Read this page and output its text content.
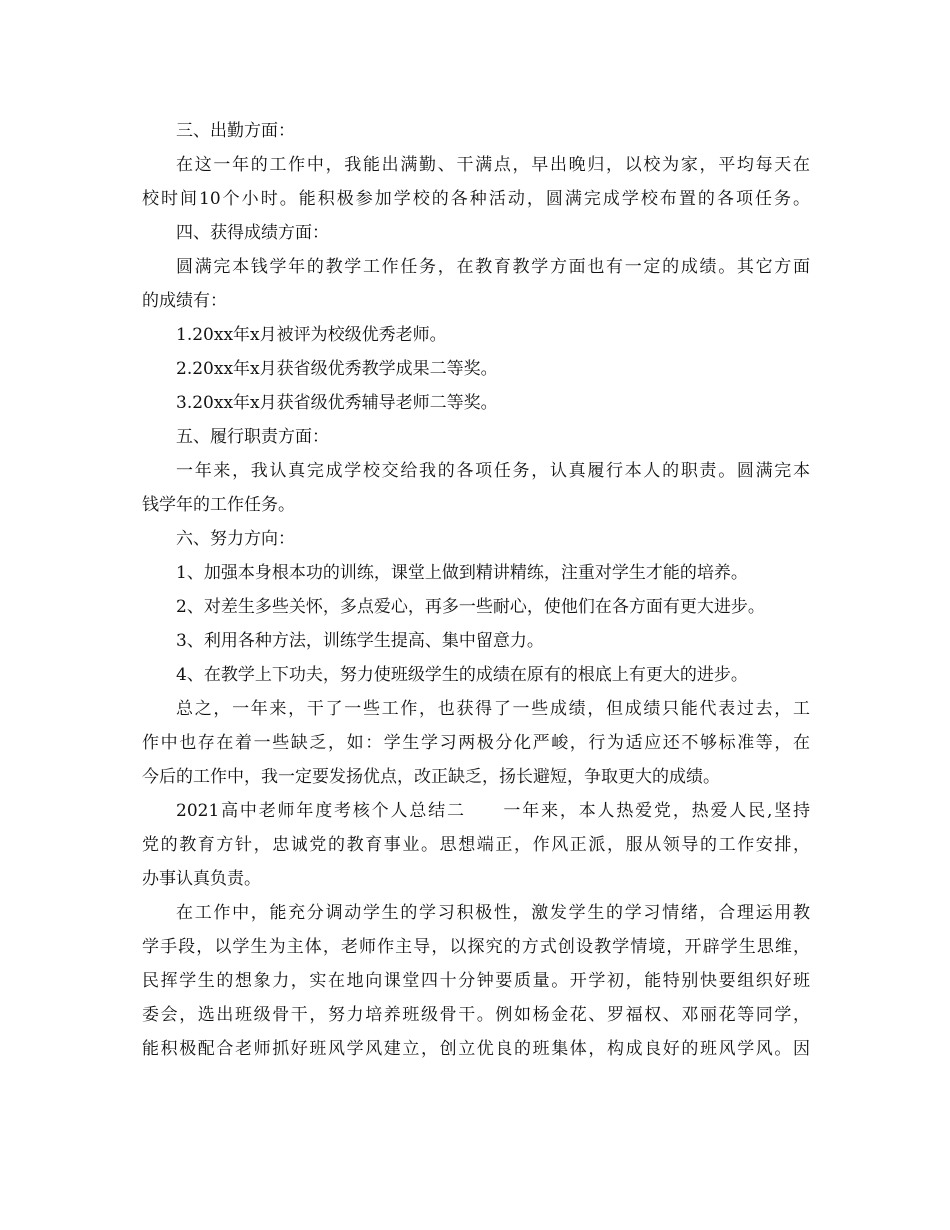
三、出勤方面：
在这一年的工作中，我能出满勤、干满点，早出晚归，以校为家，平均每天在
校时间10个小时。能积极参加学校的各种活动，圆满完成学校布置的各项任务。
四、获得成绩方面：
圆满完本钱学年的教学工作任务，在教育教学方面也有一定的成绩。其它方面
的成绩有：
1.20xx年x月被评为校级优秀老师。
2.20xx年x月获省级优秀教学成果二等奖。
3.20xx年x月获省级优秀辅导老师二等奖。
五、履行职责方面：
一年来，我认真完成学校交给我的各项任务，认真履行本人的职责。圆满完本
钱学年的工作任务。
六、努力方向：
1、加强本身根本功的训练，课堂上做到精讲精练，注重对学生才能的培养。
2、对差生多些关怀，多点爱心，再多一些耐心，使他们在各方面有更大进步。
3、利用各种方法，训练学生提高、集中留意力。
4、在教学上下功夫，努力使班级学生的成绩在原有的根底上有更大的进步。
总之，一年来，干了一些工作，也获得了一些成绩，但成绩只能代表过去，工
作中也存在着一些缺乏，如：学生学习两极分化严峻，行为适应还不够标准等，在
今后的工作中，我一定要发扬优点，改正缺乏，扬长避短，争取更大的成绩。
2021高中老师年度考核个人总结二　　一年来，本人热爱党，热爱人民,坚持
党的教育方针，忠诚党的教育事业。思想端正，作风正派，服从领导的工作安排，
办事认真负责。
在工作中，能充分调动学生的学习积极性，激发学生的学习情绪，合理运用教
学手段，以学生为主体，老师作主导，以探究的方式创设教学情境，开辟学生思维，
民挥学生的想象力，实在地向课堂四十分钟要质量。开学初，能特别快要组织好班
委会，选出班级骨干，努力培养班级骨干。例如杨金花、罗福权、邓丽花等同学，
能积极配合老师抓好班风学风建立，创立优良的班集体，构成良好的班风学风。因
